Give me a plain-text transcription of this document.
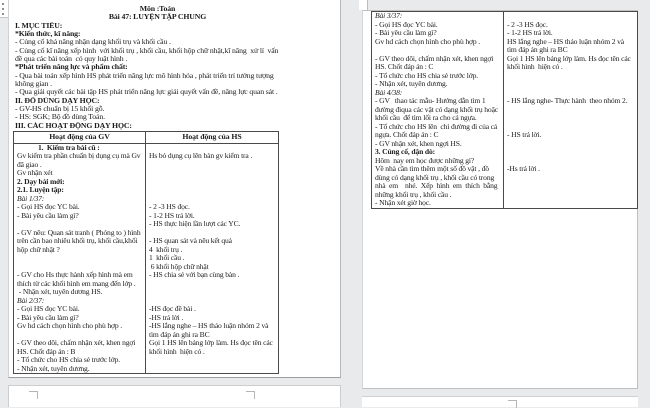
Môn :Toán
Bài 47: LUYỆN TẬP CHUNG
I. MỤC TIÊU:
*Kiến thức, kĩ năng:
- Củng cố khả năng nhận dạng khối trụ và khối cầu .
- Củng cố kĩ năng xếp hình  với khối trụ , khối cầu, khối hộp chữ nhật,kĩ năng  xử lí  vấn
đề qua các bài toán  có quy luật hình .
*Phát triển năng lực và phẩm chất:
- Qua bài toán xếp hình HS phát triển năng lực mô hình hóa , phát triển trí tưởng tượng
không gian .
- Qua giải quyết các bài tập HS phát triển năng lực giải quyết vấn đề, năng lực quan sát .
II. ĐỒ DÙNG DẠY HỌC:
- GV-HS chuẩn bị 15 khối gỗ.
- HS: SGK; Bộ đồ dùng Toán.
III. CÁC HOẠT ĐỘNG DẠY HỌC:
Hoạt động của GV	Hoạt động của HS
1.  Kiểm tra bài cũ :
Gv kiểm tra phần chuẩn bị dụng cụ mà Gv	Hs bỏ dụng cụ lên bàn gv kiểm tra .
đã giao .
Gv nhận xét
2. Dạy bài mới:
2.1. Luyện tập:
Bài 1/37:
- Gọi HS đọc YC bài.	- 2 -3 HS đọc.
- Bài yêu cầu làm gì?	- 1-2 HS trả lời.
- HS thực hiện lần lượt các YC.
- GV nêu: Quan sát tranh ( Phóng to ) hình
trên cần bao nhiêu khối trụ, khối cầu,khối	- HS quan sát và nêu kết quả
hộp chữ nhật ?	4  khối trụ .
1  khối cầu .
6 khối hộp chữ nhật
- GV cho Hs thực hành xếp hình mà em	- HS chia sẻ với bạn cùng bàn .
thích từ các khối hình em mang đến lớp .
- Nhận xét, tuyên dương HS.
Bài 2/37:
- Gọi HS đọc YC bài.	-HS đọc đề bài .
- Bài yêu cầu làm gì?	-HS trả lời .
Gv hd cách chọn hình cho phù hợp .	-HS lắng nghe – HS thảo luận nhóm 2 và
tìm đáp án ghi ra BC
- GV theo dõi, chấm nhận xét, khen ngợi	Gọi 1 HS lên bảng lớp làm. Hs đọc tên các
HS. Chốt đáp án : B	khối hình  hiện có .
- Tổ chức cho HS chia sẻ trước lớp.
- Nhận xét, tuyên dương.
Bài 3/37:
- Gọi HS đọc YC bài.	- 2 -3 HS đọc.
- Bài yêu cầu làm gì?	- 1-2 HS trả lời.
Gv hd cách chọn hình cho phù hợp .	HS lắng nghe – HS thảo luận nhóm 2 và
tìm đáp án ghi ra BC
- GV theo dõi, chấm nhận xét, khen ngợi	Gọi 1 HS lên bảng lớp làm. Hs đọc tên các
HS. Chốt đáp án : C	khối hình  hiện có .
- Tổ chức cho HS chia sẻ trước lớp.
- Nhận xét, tuyên dương.
Bài 4/38:
- GV   thao tác mẫu- Hướng dẫn tìm 1	- HS lắng nghe- Thực hành  theo nhóm 2.
đường điqua các vật có dạng khối trụ hoặc
khối cầu  để tìm lối ra cho cá ngựa.
- Tổ chức cho HS lên  chỉ đường đi của cá
ngựa. Chốt đáp án : C	- HS trả lời.
- GV nhận xét, khen ngợi HS.
3. Củng cố, dặn dò:
Hôm  nay em học được những gì?
Về nhà cần tìm thêm một số đồ vật , đồ	-Hs trả lời .
dùng có dạng khối trụ , khối cầu có trong
nhà  em    nhé.  Xếp  hình  em  thích  bằng
những khối trụ , khối cầu .
- Nhận xét giờ học.
